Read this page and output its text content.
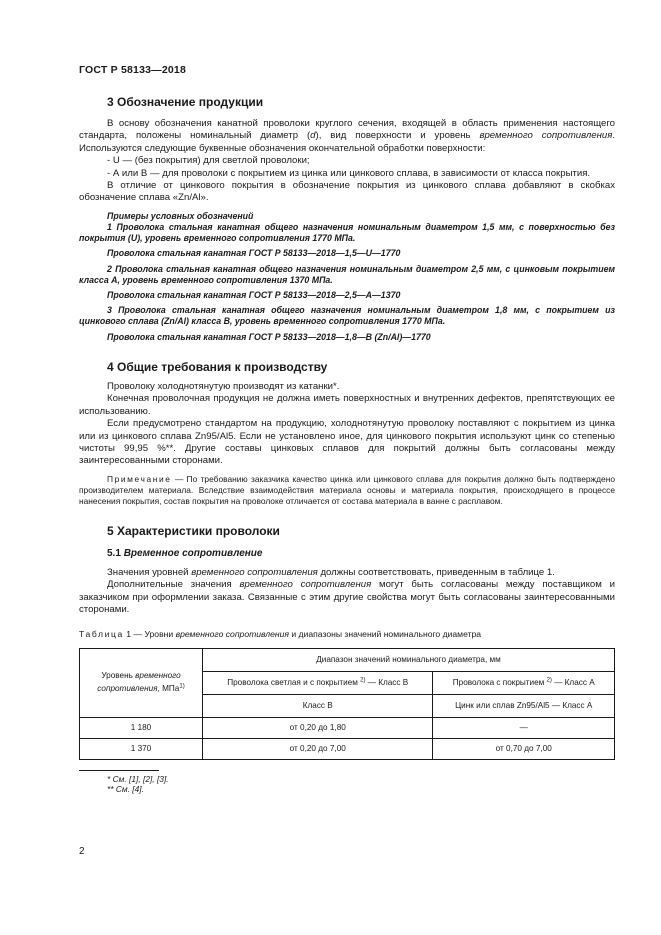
ГОСТ Р 58133—2018
3 Обозначение продукции

В основу обозначения канатной проволоки круглого сечения, входящей в область применения настоящего стандарта, положены номинальный диаметр (d), вид поверхности и уровень временного сопротивления. Используются следующие буквенные обозначения окончательной обработки поверхности:

- U — (без покрытия) для светлой проволоки;

- А или В — для проволоки с покрытием из цинка или цинкового сплава, в зависимости от класса покрытия.

В отличие от цинкового покрытия в обозначение покрытия из цинкового сплава добавляют в скобках обозначение сплава «Zn/Al».

Примеры условных обозначений

1 Проволока стальная канатная общего назначения номинальным диаметром 1,5 мм, с поверхностью без покрытия (U), уровень временного сопротивления 1770 МПа.

Проволока стальная канатная ГОСТ Р 58133—2018—1,5—U—1770

2 Проволока стальная канатная общего назначения номинальным диаметром 2,5 мм, с цинковым покрытием класса А, уровень временного сопротивления 1370 МПа.

Проволока стальная канатная ГОСТ Р 58133—2018—2,5—А—1370

3 Проволока стальная канатная общего назначения номинальным диаметром 1,8 мм, с покрытием из цинкового сплава (Zn/Al) класса В, уровень временного сопротивления 1770 МПа.

Проволока стальная канатная ГОСТ Р 58133—2018—1,8—В (Zn/Al)—1770

4 Общие требования к производству

Проволоку холоднотянутую производят из катанки*.

Конечная проволочная продукция не должна иметь поверхностных и внутренних дефектов, препятствующих ее использованию.

Если предусмотрено стандартом на продукцию, холоднотянутую проволоку поставляют с покрытием из цинка или из цинкового сплава Zn95/Al5. Если не установлено иное, для цинкового покрытия используют цинк со степенью чистоты 99,95 %**. Другие составы цинковых сплавов для покрытий должны быть согласованы между заинтересованными сторонами.

Примечание — По требованию заказчика качество цинка или цинкового сплава для покрытия должно быть подтверждено производителем материала. Вследствие взаимодействия материала основы и материала покрытия, происходящего в процессе нанесения покрытия, состав покрытия на проволоке отличается от состава материала в ванне с расплавом.

5 Характеристики проволоки
5.1 Временное сопротивление

Значения уровней временного сопротивления должны соответствовать, приведенным в таблице 1.

Дополнительные значения временного сопротивления могут быть согласованы между поставщиком и заказчиком при оформлении заказа. Связанные с этим другие свойства могут быть согласованы заинтересованными сторонами.

Таблица 1 — Уровни временного сопротивления и диапазоны значений номинального диаметра

Уровень временного сопротивления, МПа$^{1)}$	Диапазон значений номинального диаметра, мм	
	Проволока светлая и с покрытием $^{2)}$ — Класс В	Проволока с покрытием $^{2)}$ — Класс А
	Класс В	Цинк или сплав Zn95/Al5 — Класс А
1 180	от 0,20 до 1,80	—
1 370	от 0,20 до 7,00	от 0,70 до 7,00

* См. [1], [2], [3].

** См. [4].

2
